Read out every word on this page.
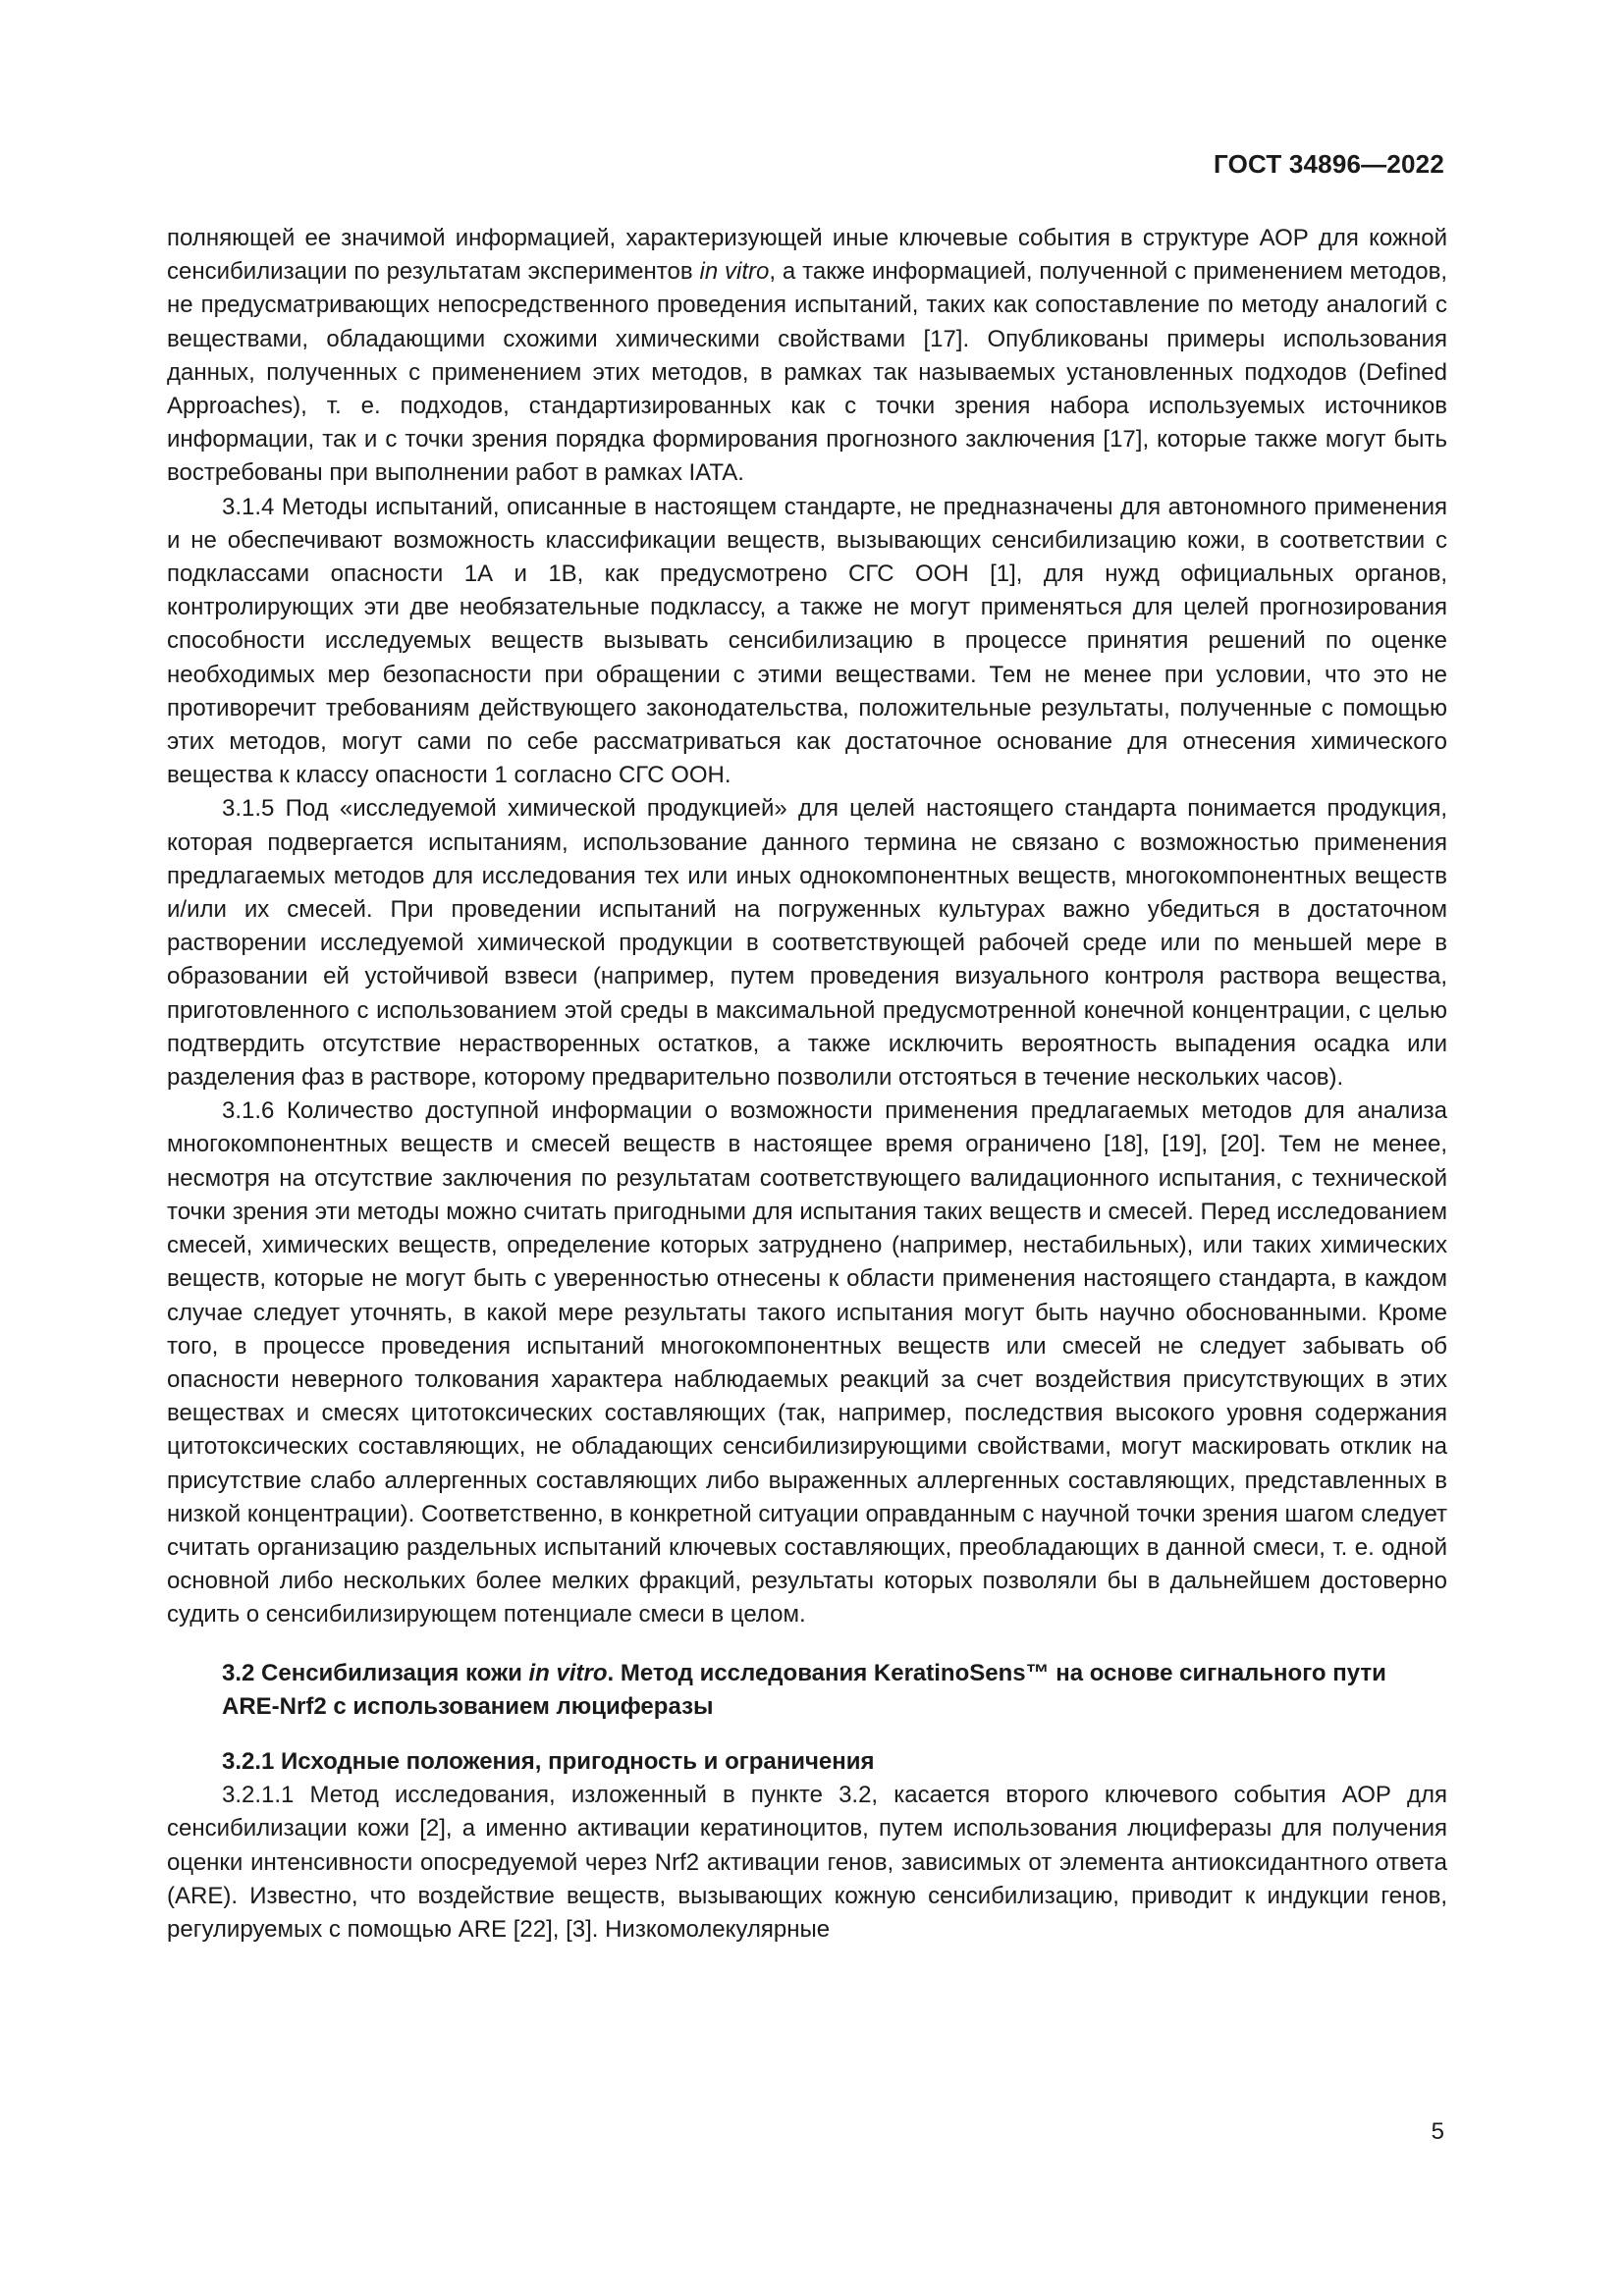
ГОСТ 34896—2022

полняющей ее значимой информацией, характеризующей иные ключевые события в структуре АОР для кожной сенсибилизации по результатам экспериментов in vitro, а также информацией, полученной с применением методов, не предусматривающих непосредственного проведения испытаний, таких как сопоставление по методу аналогий с веществами, обладающими схожими химическими свойствами [17]. Опубликованы примеры использования данных, полученных с применением этих методов, в рамках так называемых установленных подходов (Defined Approaches), т. е. подходов, стандартизированных как с точки зрения набора используемых источников информации, так и с точки зрения порядка формирования прогнозного заключения [17], которые также могут быть востребованы при выполнении работ в рамках IATA.

3.1.4 Методы испытаний, описанные в настоящем стандарте, не предназначены для автономного применения и не обеспечивают возможность классификации веществ, вызывающих сенсибилизацию кожи, в соответствии с подклассами опасности 1А и 1В, как предусмотрено СГС ООН [1], для нужд официальных органов, контролирующих эти две необязательные подклассу, а также не могут применяться для целей прогнозирования способности исследуемых веществ вызывать сенсибилизацию в процессе принятия решений по оценке необходимых мер безопасности при обращении с этими веществами. Тем не менее при условии, что это не противоречит требованиям действующего законодательства, положительные результаты, полученные с помощью этих методов, могут сами по себе рассматриваться как достаточное основание для отнесения химического вещества к классу опасности 1 согласно СГС ООН.

3.1.5 Под «исследуемой химической продукцией» для целей настоящего стандарта понимается продукция, которая подвергается испытаниям, использование данного термина не связано с возможностью применения предлагаемых методов для исследования тех или иных однокомпонентных веществ, многокомпонентных веществ и/или их смесей. При проведении испытаний на погруженных культурах важно убедиться в достаточном растворении исследуемой химической продукции в соответствующей рабочей среде или по меньшей мере в образовании ей устойчивой взвеси (например, путем проведения визуального контроля раствора вещества, приготовленного с использованием этой среды в максимальной предусмотренной конечной концентрации, с целью подтвердить отсутствие нерастворенных остатков, а также исключить вероятность выпадения осадка или разделения фаз в растворе, которому предварительно позволили отстояться в течение нескольких часов).

3.1.6 Количество доступной информации о возможности применения предлагаемых методов для анализа многокомпонентных веществ и смесей веществ в настоящее время ограничено [18], [19], [20]. Тем не менее, несмотря на отсутствие заключения по результатам соответствующего валидационного испытания, с технической точки зрения эти методы можно считать пригодными для испытания таких веществ и смесей. Перед исследованием смесей, химических веществ, определение которых затруднено (например, нестабильных), или таких химических веществ, которые не могут быть с уверенностью отнесены к области применения настоящего стандарта, в каждом случае следует уточнять, в какой мере результаты такого испытания могут быть научно обоснованными. Кроме того, в процессе проведения испытаний многокомпонентных веществ или смесей не следует забывать об опасности неверного толкования характера наблюдаемых реакций за счет воздействия присутствующих в этих веществах и смесях цитотоксических составляющих (так, например, последствия высокого уровня содержания цитотоксических составляющих, не обладающих сенсибилизирующими свойствами, могут маскировать отклик на присутствие слабо аллергенных составляющих либо выраженных аллергенных составляющих, представленных в низкой концентрации). Соответственно, в конкретной ситуации оправданным с научной точки зрения шагом следует считать организацию раздельных испытаний ключевых составляющих, преобладающих в данной смеси, т. е. одной основной либо нескольких более мелких фракций, результаты которых позволяли бы в дальнейшем достоверно судить о сенсибилизирующем потенциале смеси в целом.

3.2 Сенсибилизация кожи in vitro. Метод исследования KeratinoSens™ на основе сигнального пути ARE-Nrf2 с использованием люциферазы
3.2.1 Исходные положения, пригодность и ограничения

3.2.1.1 Метод исследования, изложенный в пункте 3.2, касается второго ключевого события АОР для сенсибилизации кожи [2], а именно активации кератиноцитов, путем использования люциферазы для получения оценки интенсивности опосредуемой через Nrf2 активации генов, зависимых от элемента антиоксидантного ответа (ARE). Известно, что воздействие веществ, вызывающих кожную сенсибилизацию, приводит к индукции генов, регулируемых с помощью ARE [22], [3]. Низкомолекулярные

5
